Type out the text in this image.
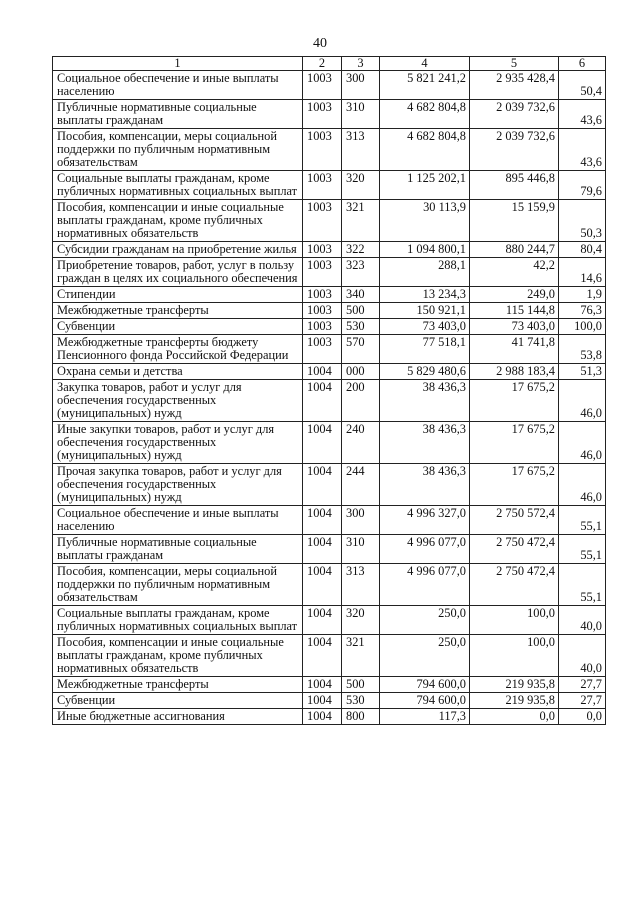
40
1	2	3	4	5	6
Социальное обеспечение и иные выплаты населению	1003	300	5 821 241,2	2 935 428,4	50,4
Публичные нормативные социальные выплаты гражданам	1003	310	4 682 804,8	2 039 732,6	43,6
Пособия, компенсации, меры социальной поддержки по публичным нормативным обязательствам	1003	313	4 682 804,8	2 039 732,6	43,6
Социальные выплаты гражданам, кроме публичных нормативных социальных выплат	1003	320	1 125 202,1	895 446,8	79,6
Пособия, компенсации и иные социальные выплаты гражданам, кроме публичных нормативных обязательств	1003	321	30 113,9	15 159,9	50,3
Субсидии гражданам на приобретение жилья	1003	322	1 094 800,1	880 244,7	80,4
Приобретение товаров, работ, услуг в пользу граждан в целях их социального обеспечения	1003	323	288,1	42,2	14,6
Стипендии	1003	340	13 234,3	249,0	1,9
Межбюджетные трансферты	1003	500	150 921,1	115 144,8	76,3
Субвенции	1003	530	73 403,0	73 403,0	100,0
Межбюджетные трансферты бюджету Пенсионного фонда Российской Федерации	1003	570	77 518,1	41 741,8	53,8
Охрана семьи и детства	1004	000	5 829 480,6	2 988 183,4	51,3
Закупка товаров, работ и услуг для обеспечения государственных (муниципальных) нужд	1004	200	38 436,3	17 675,2	46,0
Иные закупки товаров, работ и услуг для обеспечения государственных (муниципальных) нужд	1004	240	38 436,3	17 675,2	46,0
Прочая закупка товаров, работ и услуг для обеспечения государственных (муниципальных) нужд	1004	244	38 436,3	17 675,2	46,0
Социальное обеспечение и иные выплаты населению	1004	300	4 996 327,0	2 750 572,4	55,1
Публичные нормативные социальные выплаты гражданам	1004	310	4 996 077,0	2 750 472,4	55,1
Пособия, компенсации, меры социальной поддержки по публичным нормативным обязательствам	1004	313	4 996 077,0	2 750 472,4	55,1
Социальные выплаты гражданам, кроме публичных нормативных социальных выплат	1004	320	250,0	100,0	40,0
Пособия, компенсации и иные социальные выплаты гражданам, кроме публичных нормативных обязательств	1004	321	250,0	100,0	40,0
Межбюджетные трансферты	1004	500	794 600,0	219 935,8	27,7
Субвенции	1004	530	794 600,0	219 935,8	27,7
Иные бюджетные ассигнования	1004	800	117,3	0,0	0,0
